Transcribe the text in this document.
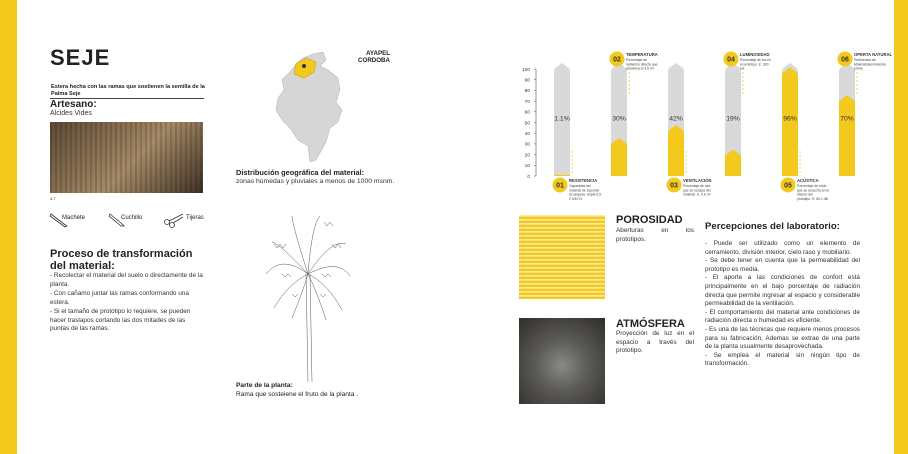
SEJE
Estera hecha con las ramas que sostienen la semilla de la Palma Seje
Artesano:
Alcides Vides
4.7
Machete	Cuchillo	Tijeras
Proceso de transformación del material:
- Recolectar el material del suelo o directamente de la planta.
- Con cañamo juntar las ramas conformando una estera.
- Si el tamaño de prototipo lo requiere, se pueden hacer traslapos cortando las dos mitades de las puntas de las ramas.
AYAPEL
CORDOBA
Distribución geográfica del material:
zonas húmedas y pluviales a menos de 1000 msnm.
Parte de la planta:
Rama que sosteiene el fruto de la planta .
0
10
20
30
40
50
60
70
80
90
100
1.1%
01
RESISTENCIA
Capacidad del
material de soportar
la cargada. Sopla 6.5
2.0/10 N
30%
02
TEMPERATURA
Porcentaje de
radiación directa que
atraviesa el 3.6 m²
42%
03
VENTILACIÓN
Porcentaje de aire
que se escapa del
material. E: 0.6 m²
19%
04
LUMINOSIDAD
Porcentaje de luz en
el prototipo. E: 300
lux
96%
05
ACÚSTICA
Porcentaje de ruido
que se escucha en el
interior del
prototipo. E: 80.1 dB
70%
06
OPERTA NATURAL
Pertinencia de
Materialidad material
prima.
POROSIDAD
Aberturas en los prototipos.
ATMÓSFERA
Proyección de luz en el espacio a través del prototipo.
Percepciones del laboratorio:
- Puede ser utilizado como un elemento de cerramiento, división interior, cielo raso y mobiliario.
- Se debe tener en cuenta que la permeabilidad del prototipo es media.
- El aporte a las condiciones de confort está principalmente en el bajo porcentaje de radiación directa que permite ingresar al espacio y considerable permeabilidad de la ventilación.
- El comportamiento del material ante condiciones de radiación directa o humedad es eficiente.
- Es una de las técnicas que requiere menos procesos para su fabricación, Ademas se extrae de una parte de la planta usualmente desaprovechada.
- Se emplea el material sin ningún tipo de transformación.
